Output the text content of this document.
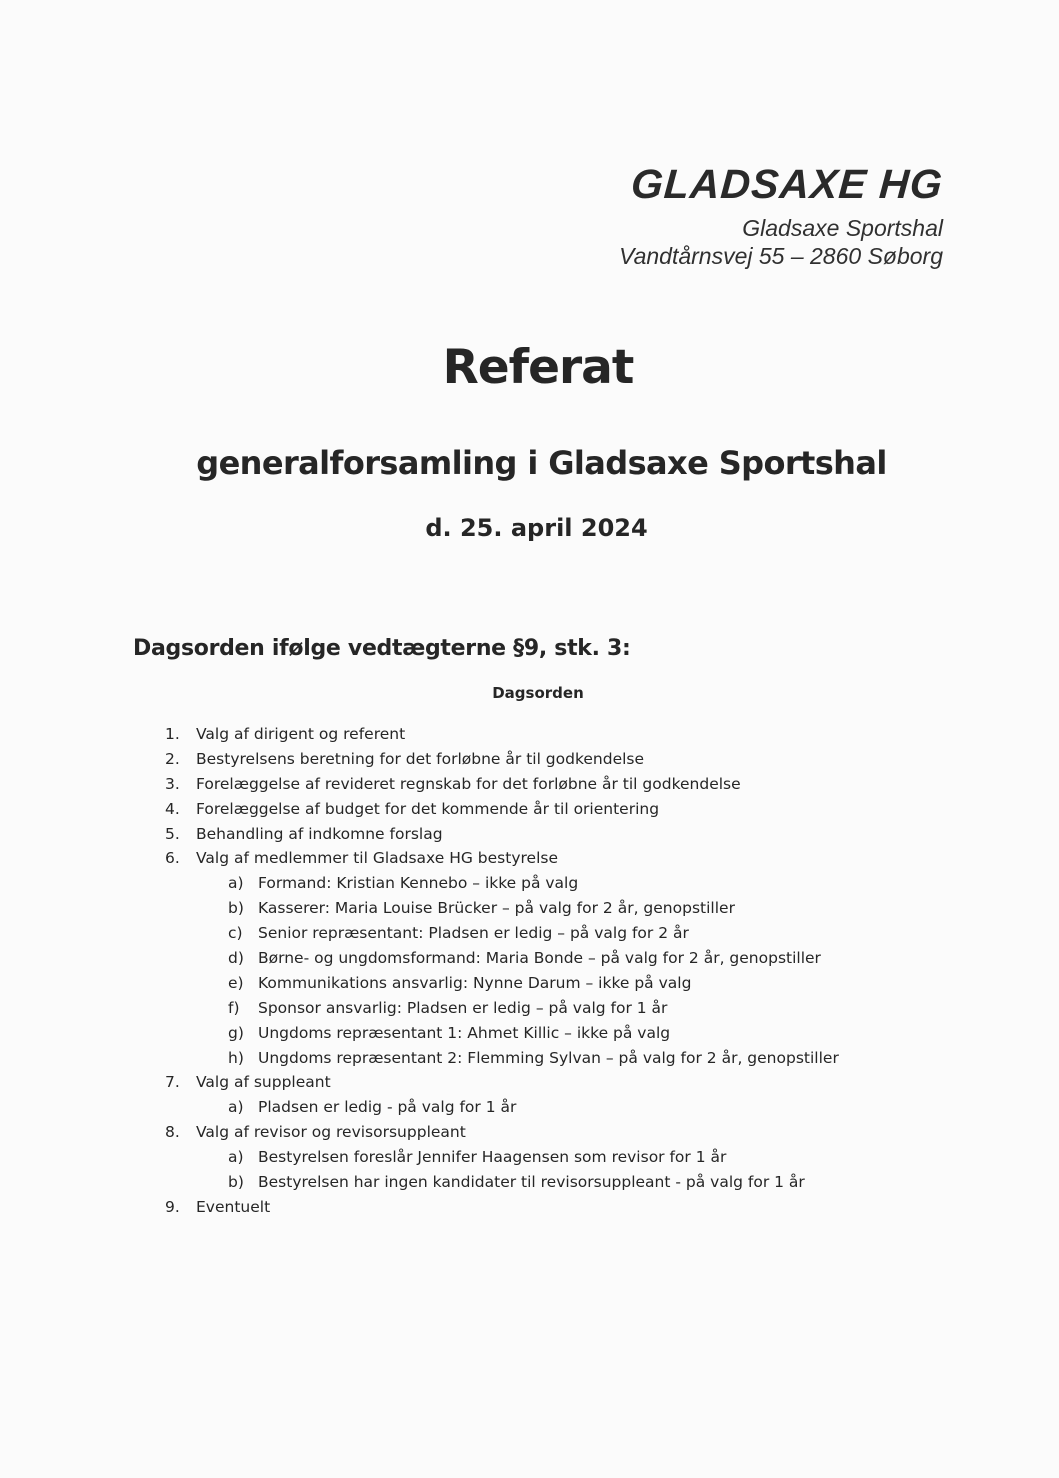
GLADSAXE HG
Gladsaxe Sportshal
Vandtårnsvej 55 – 2860 Søborg
Referat
generalforsamling i Gladsaxe Sportshal
d. 25. april 2024
Dagsorden ifølge vedtægterne §9, stk. 3:
Dagsorden
1. Valg af dirigent og referent
2. Bestyrelsens beretning for det forløbne år til godkendelse
3. Forelæggelse af revideret regnskab for det forløbne år til godkendelse
4. Forelæggelse af budget for det kommende år til orientering
5. Behandling af indkomne forslag
6. Valg af medlemmer til Gladsaxe HG bestyrelse
a) Formand: Kristian Kennebo – ikke på valg
b) Kasserer: Maria Louise Brücker – på valg for 2 år, genopstiller
c) Senior repræsentant: Pladsen er ledig – på valg for 2 år
d) Børne- og ungdomsformand: Maria Bonde – på valg for 2 år, genopstiller
e) Kommunikations ansvarlig: Nynne Darum – ikke på valg
f) Sponsor ansvarlig: Pladsen er ledig – på valg for 1 år
g) Ungdoms repræsentant 1: Ahmet Killic – ikke på valg
h) Ungdoms repræsentant 2: Flemming Sylvan – på valg for 2 år, genopstiller
7. Valg af suppleant
a) Pladsen er ledig - på valg for 1 år
8. Valg af revisor og revisorsuppleant
a) Bestyrelsen foreslår Jennifer Haagensen som revisor for 1 år
b) Bestyrelsen har ingen kandidater til revisorsuppleant - på valg for 1 år
9. Eventuelt
